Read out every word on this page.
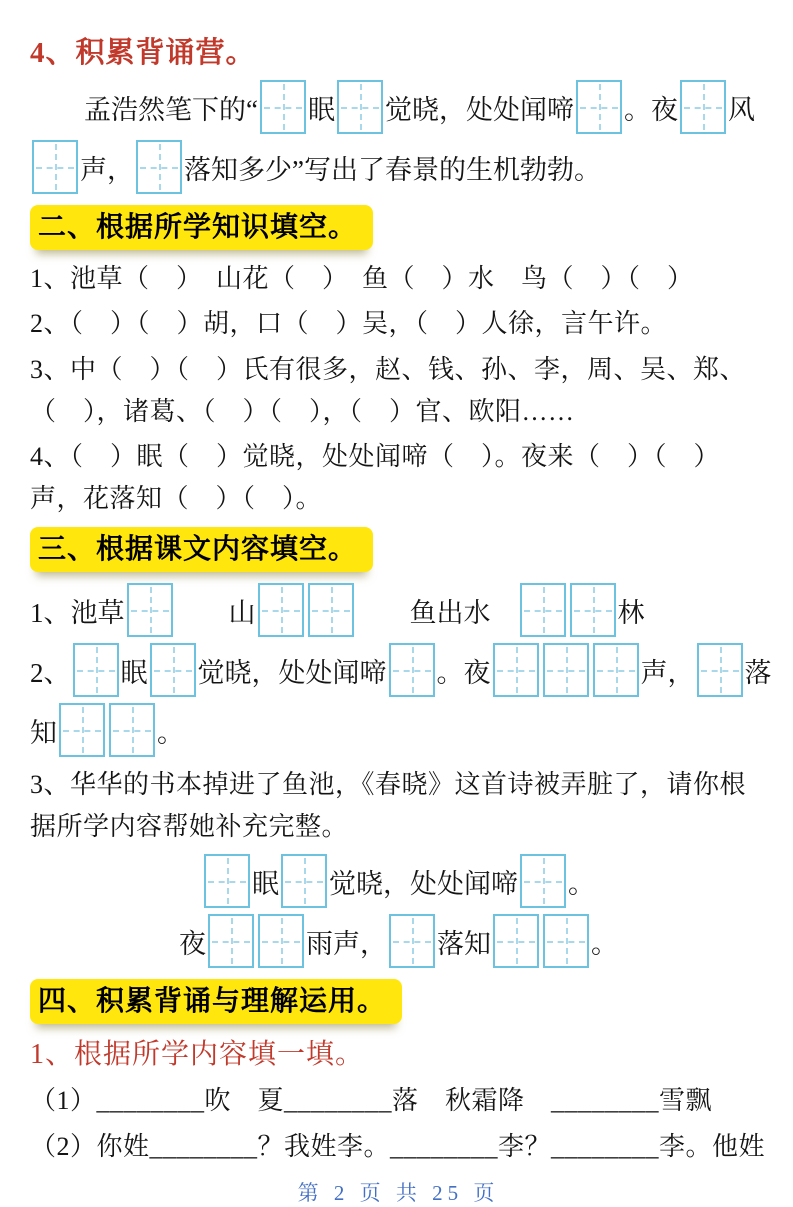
4、积累背诵营。
孟浩然笔下的“ 眠 觉晓，处处闻啼 。夜 风
声， 落知多少”写出了春景的生机勃勃。
二、根据所学知识填空。

1、池草（　）　山花（　）　鱼（　）水　鸟（　）（　）

2、（　）（　）胡，口（　）吴，（　）人徐，言午许。

3、中（　）（　）氏有很多，赵、钱、孙、李，周、吴、郑、（　），诸葛、（　）（　），（　）官、欧阳……

4、（　）眠（　）觉晓，处处闻啼（　）。夜来（　）（　）声，花落知（　）（　）。

三、根据课文内容填空。
1、池草 　　山	　　鱼出水　	林
2、 眠 觉晓，处处闻啼 。夜	声， 落
知	。

3、华华的书本掉进了鱼池，《春晓》这首诗被弄脏了，请你根据所学内容帮她补充完整。

眠 觉晓，处处闻啼 。
夜	雨声， 落知	。
四、积累背诵与理解运用。
1、根据所学内容填一填。

（1）________吹　夏________落　秋霜降　________雪飘

（2）你姓________？我姓李。________李？________李。他姓

第 2 页 共 25 页
